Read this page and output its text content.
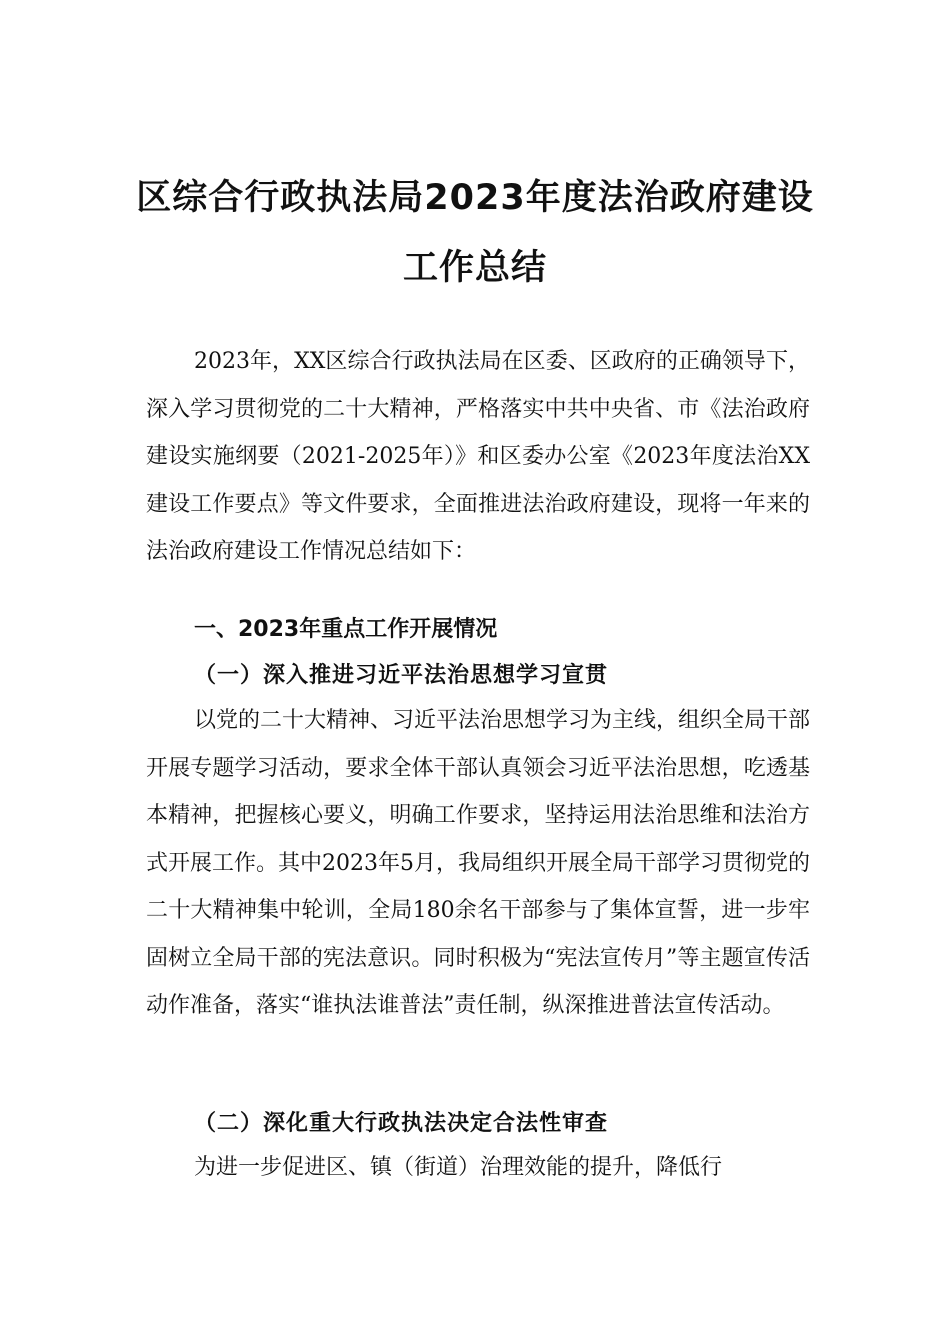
区综合行政执法局2023年度法治政府建设
工作总结

2023年，XX区综合行政执法局在区委、区政府的正确领导下，深入学习贯彻党的二十大精神，严格落实中共中央省、市《法治政府建设实施纲要（2021-2025年）》和区委办公室《2023年度法治XX建设工作要点》等文件要求，全面推进法治政府建设，现将一年来的法治政府建设工作情况总结如下：

一、2023年重点工作开展情况
（一）深入推进习近平法治思想学习宣贯

以党的二十大精神、习近平法治思想学习为主线，组织全局干部开展专题学习活动，要求全体干部认真领会习近平法治思想，吃透基本精神，把握核心要义，明确工作要求，坚持运用法治思维和法治方式开展工作。其中2023年5月，我局组织开展全局干部学习贯彻党的二十大精神集中轮训，全局180余名干部参与了集体宣誓，进一步牢固树立全局干部的宪法意识。同时积极为“宪法宣传月”等主题宣传活动作准备，落实“谁执法谁普法”责任制，纵深推进普法宣传活动。

（二）深化重大行政执法决定合法性审查

为进一步促进区、镇（街道）治理效能的提升，降低行
